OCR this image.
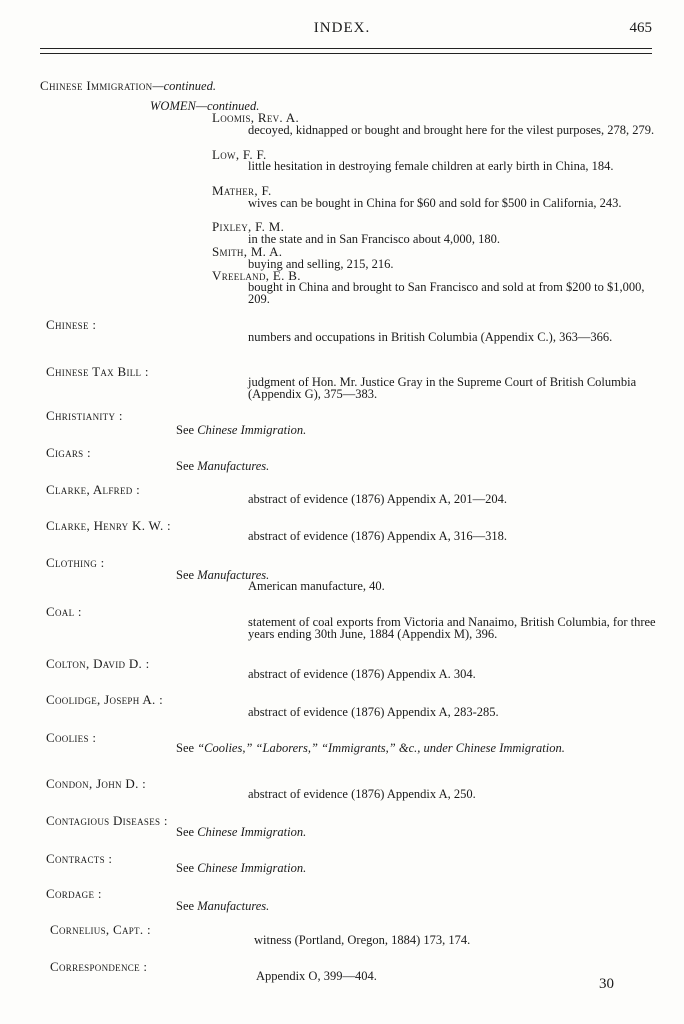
INDEX.	465
Chinese Immigration—continued.
WOMEN—continued.
Loomis, Rev. A.
decoyed, kidnapped or bought and brought here for the vilest purposes, 278, 279.
Low, F. F.
little hesitation in destroying female children at early birth in China, 184.
Mather, F.
wives can be bought in China for $60 and sold for $500 in California, 243.
Pixley, F. M.
in the state and in San Francisco about 4,000, 180.
Smith, M. A.
buying and selling, 215, 216.
Vreeland, E. B.
bought in China and brought to San Francisco and sold at from $200 to $1,000, 209.
Chinese :
numbers and occupations in British Columbia (Appendix C.), 363—366.
Chinese Tax Bill :
judgment of Hon. Mr. Justice Gray in the Supreme Court of British Columbia (Appendix G), 375—383.
Christianity :
See Chinese Immigration.
Cigars :
See Manufactures.
Clarke, Alfred :
abstract of evidence (1876) Appendix A, 201—204.
Clarke, Henry K. W. :
abstract of evidence (1876) Appendix A, 316—318.
Clothing :
See Manufactures.
American manufacture, 40.
Coal :
statement of coal exports from Victoria and Nanaimo, British Columbia, for three years ending 30th June, 1884 (Appendix M), 396.
Colton, David D. :
abstract of evidence (1876) Appendix A. 304.
Coolidge, Joseph A. :
abstract of evidence (1876) Appendix A, 283-285.
Coolies :
See “Coolies,” “Laborers,” “Immigrants,” &c., under Chinese Immigration.
Condon, John D. :
abstract of evidence (1876) Appendix A, 250.
Contagious Diseases :
See Chinese Immigration.
Contracts :
See Chinese Immigration.
Cordage :
See Manufactures.
Cornelius, Capt. :
witness (Portland, Oregon, 1884) 173, 174.
Correspondence :
Appendix O, 399—404.	30
